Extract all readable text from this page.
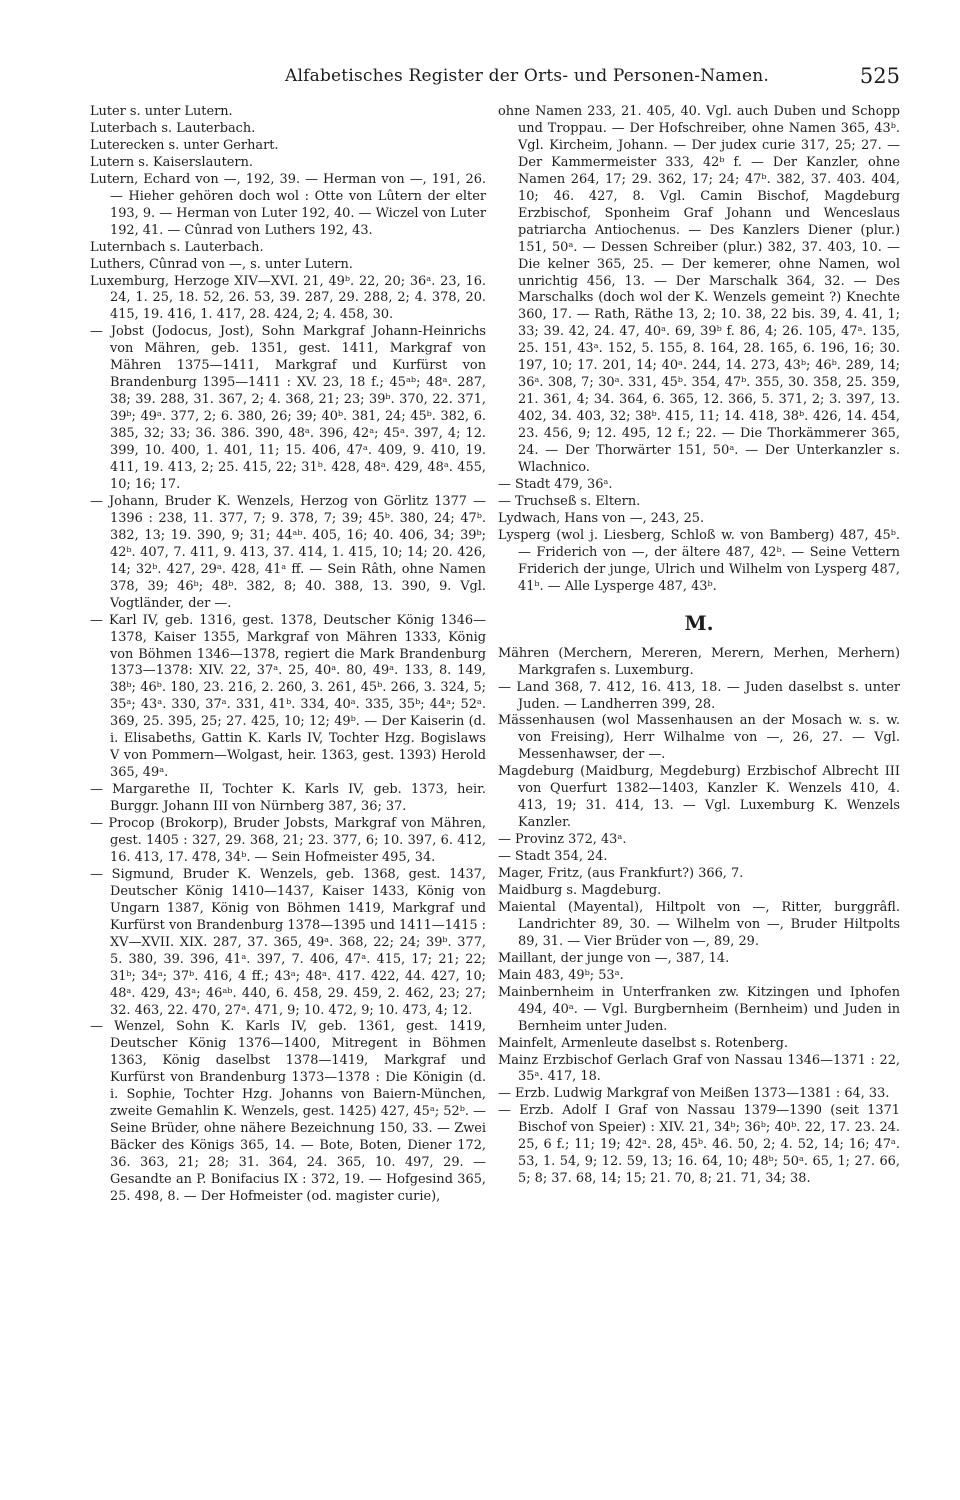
Alfabetisches Register der Orts- und Personen-Namen.	525
Luter s. unter Lutern.
Luterbach s. Lauterbach.
Luterecken s. unter Gerhart.
Lutern s. Kaiserslautern.
Lutern, Echard von —, 192, 39. — Herman von —, 191, 26. — Hieher gehören doch wol : Otte von Lûtern der elter 193, 9. — Herman von Luter 192, 40. — Wiczel von Luter 192, 41. — Cûnrad von Luthers 192, 43.
Luternbach s. Lauterbach.
Luthers, Cûnrad von —, s. unter Lutern.
Luxemburg, Herzoge XIV—XVI. 21, 49ᵇ. 22, 20; 36ᵃ. 23, 16. 24, 1. 25, 18. 52, 26. 53, 39. 287, 29. 288, 2; 4. 378, 20. 415, 19. 416, 1. 417, 28. 424, 2; 4. 458, 30.
— Jobst (Jodocus, Jost), Sohn Markgraf Johann-Heinrichs von Mähren, geb. 1351, gest. 1411, Markgraf von Mähren 1375—1411, Markgraf und Kurfürst von Brandenburg 1395—1411 : XV. 23, 18 f.; 45ᵃᵇ; 48ᵃ. 287, 38; 39. 288, 31. 367, 2; 4. 368, 21; 23; 39ᵇ. 370, 22. 371, 39ᵇ; 49ᵃ. 377, 2; 6. 380, 26; 39; 40ᵇ. 381, 24; 45ᵇ. 382, 6. 385, 32; 33; 36. 386. 390, 48ᵃ. 396, 42ᵃ; 45ᵃ. 397, 4; 12. 399, 10. 400, 1. 401, 11; 15. 406, 47ᵃ. 409, 9. 410, 19. 411, 19. 413, 2; 25. 415, 22; 31ᵇ. 428, 48ᵃ. 429, 48ᵃ. 455, 10; 16; 17.
— Johann, Bruder K. Wenzels, Herzog von Görlitz 1377 — 1396 : 238, 11. 377, 7; 9. 378, 7; 39; 45ᵇ. 380, 24; 47ᵇ. 382, 13; 19. 390, 9; 31; 44ᵃᵇ. 405, 16; 40. 406, 34; 39ᵇ; 42ᵇ. 407, 7. 411, 9. 413, 37. 414, 1. 415, 10; 14; 20. 426, 14; 32ᵇ. 427, 29ᵃ. 428, 41ᵃ ff. — Sein Râth, ohne Namen 378, 39; 46ᵇ; 48ᵇ. 382, 8; 40. 388, 13. 390, 9. Vgl. Vogtländer, der —.
— Karl IV, geb. 1316, gest. 1378, Deutscher König 1346—1378, Kaiser 1355, Markgraf von Mähren 1333, König von Böhmen 1346—1378, regiert die Mark Brandenburg 1373—1378: XIV. 22, 37ᵃ. 25, 40ᵃ. 80, 49ᵃ. 133, 8. 149, 38ᵇ; 46ᵇ. 180, 23. 216, 2. 260, 3. 261, 45ᵇ. 266, 3. 324, 5; 35ᵃ; 43ᵃ. 330, 37ᵃ. 331, 41ᵇ. 334, 40ᵃ. 335, 35ᵇ; 44ᵃ; 52ᵃ. 369, 25. 395, 25; 27. 425, 10; 12; 49ᵇ. — Der Kaiserin (d. i. Elisabeths, Gattin K. Karls IV, Tochter Hzg. Bogislaws V von Pommern—Wolgast, heir. 1363, gest. 1393) Herold 365, 49ᵃ.
— Margarethe II, Tochter K. Karls IV, geb. 1373, heir. Burggr. Johann III von Nürnberg 387, 36; 37.
— Procop (Brokorp), Bruder Jobsts, Markgraf von Mähren, gest. 1405 : 327, 29. 368, 21; 23. 377, 6; 10. 397, 6. 412, 16. 413, 17. 478, 34ᵇ. — Sein Hofmeister 495, 34.
— Sigmund, Bruder K. Wenzels, geb. 1368, gest. 1437, Deutscher König 1410—1437, Kaiser 1433, König von Ungarn 1387, König von Böhmen 1419, Markgraf und Kurfürst von Brandenburg 1378—1395 und 1411—1415 : XV—XVII. XIX. 287, 37. 365, 49ᵃ. 368, 22; 24; 39ᵇ. 377, 5. 380, 39. 396, 41ᵃ. 397, 7. 406, 47ᵃ. 415, 17; 21; 22; 31ᵇ; 34ᵃ; 37ᵇ. 416, 4 ff.; 43ᵃ; 48ᵃ. 417. 422, 44. 427, 10; 48ᵃ. 429, 43ᵃ; 46ᵃᵇ. 440, 6. 458, 29. 459, 2. 462, 23; 27; 32. 463, 22. 470, 27ᵃ. 471, 9; 10. 472, 9; 10. 473, 4; 12.
— Wenzel, Sohn K. Karls IV, geb. 1361, gest. 1419, Deutscher König 1376—1400, Mitregent in Böhmen 1363, König daselbst 1378—1419, Markgraf und Kurfürst von Brandenburg 1373—1378 : Die Königin (d. i. Sophie, Tochter Hzg. Johanns von Baiern-München, zweite Gemahlin K. Wenzels, gest. 1425) 427, 45ᵃ; 52ᵇ. — Seine Brüder, ohne nähere Bezeichnung 150, 33. — Zwei Bäcker des Königs 365, 14. — Bote, Boten, Diener 172, 36. 363, 21; 28; 31. 364, 24. 365, 10. 497, 29. — Gesandte an P. Bonifacius IX : 372, 19. — Hofgesind 365, 25. 498, 8. — Der Hofmeister (od. magister curie),
ohne Namen 233, 21. 405, 40. Vgl. auch Duben und Schopp und Troppau. — Der Hofschreiber, ohne Namen 365, 43ᵇ. Vgl. Kircheim, Johann. — Der judex curie 317, 25; 27. — Der Kammermeister 333, 42ᵇ f. — Der Kanzler, ohne Namen 264, 17; 29. 362, 17; 24; 47ᵇ. 382, 37. 403. 404, 10; 46. 427, 8. Vgl. Camin Bischof, Magdeburg Erzbischof, Sponheim Graf Johann und Wenceslaus patriarcha Antiochenus. — Des Kanzlers Diener (plur.) 151, 50ᵃ. — Dessen Schreiber (plur.) 382, 37. 403, 10. — Die kelner 365, 25. — Der kemerer, ohne Namen, wol unrichtig 456, 13. — Der Marschalk 364, 32. — Des Marschalks (doch wol der K. Wenzels gemeint ?) Knechte 360, 17. — Rath, Räthe 13, 2; 10. 38, 22 bis. 39, 4. 41, 1; 33; 39. 42, 24. 47, 40ᵃ. 69, 39ᵇ f. 86, 4; 26. 105, 47ᵃ. 135, 25. 151, 43ᵃ. 152, 5. 155, 8. 164, 28. 165, 6. 196, 16; 30. 197, 10; 17. 201, 14; 40ᵃ. 244, 14. 273, 43ᵇ; 46ᵇ. 289, 14; 36ᵃ. 308, 7; 30ᵃ. 331, 45ᵇ. 354, 47ᵇ. 355, 30. 358, 25. 359, 21. 361, 4; 34. 364, 6. 365, 12. 366, 5. 371, 2; 3. 397, 13. 402, 34. 403, 32; 38ᵇ. 415, 11; 14. 418, 38ᵇ. 426, 14. 454, 23. 456, 9; 12. 495, 12 f.; 22. — Die Thorkämmerer 365, 24. — Der Thorwärter 151, 50ᵃ. — Der Unterkanzler s. Wlachnico.
— Stadt 479, 36ᵃ.
— Truchseß s. Eltern.
Lydwach, Hans von —, 243, 25.
Lysperg (wol j. Liesberg, Schloß w. von Bamberg) 487, 45ᵇ. — Friderich von —, der ältere 487, 42ᵇ. — Seine Vettern Friderich der junge, Ulrich und Wilhelm von Lysperg 487, 41ᵇ. — Alle Lysperge 487, 43ᵇ.
M.
Mähren (Merchern, Mereren, Merern, Merhen, Merhern) Markgrafen s. Luxemburg.
— Land 368, 7. 412, 16. 413, 18. — Juden daselbst s. unter Juden. — Landherren 399, 28.
Mässenhausen (wol Massenhausen an der Mosach w. s. w. von Freising), Herr Wilhalme von —, 26, 27. — Vgl. Messenhawser, der —.
Magdeburg (Maidburg, Megdeburg) Erzbischof Albrecht III von Querfurt 1382—1403, Kanzler K. Wenzels 410, 4. 413, 19; 31. 414, 13. — Vgl. Luxemburg K. Wenzels Kanzler.
— Provinz 372, 43ᵃ.
— Stadt 354, 24.
Mager, Fritz, (aus Frankfurt?) 366, 7.
Maidburg s. Magdeburg.
Maiental (Mayental), Hiltpolt von —, Ritter, burggrâfl. Landrichter 89, 30. — Wilhelm von —, Bruder Hiltpolts 89, 31. — Vier Brüder von —, 89, 29.
Maillant, der junge von —, 387, 14.
Main 483, 49ᵇ; 53ᵃ.
Mainbernheim in Unterfranken zw. Kitzingen und Iphofen 494, 40ᵃ. — Vgl. Burgbernheim (Bernheim) und Juden in Bernheim unter Juden.
Mainfelt, Armenleute daselbst s. Rotenberg.
Mainz Erzbischof Gerlach Graf von Nassau 1346—1371 : 22, 35ᵃ. 417, 18.
— Erzb. Ludwig Markgraf von Meißen 1373—1381 : 64, 33.
— Erzb. Adolf I Graf von Nassau 1379—1390 (seit 1371 Bischof von Speier) : XIV. 21, 34ᵇ; 36ᵇ; 40ᵇ. 22, 17. 23. 24. 25, 6 f.; 11; 19; 42ᵃ. 28, 45ᵇ. 46. 50, 2; 4. 52, 14; 16; 47ᵃ. 53, 1. 54, 9; 12. 59, 13; 16. 64, 10; 48ᵇ; 50ᵃ. 65, 1; 27. 66, 5; 8; 37. 68, 14; 15; 21. 70, 8; 21. 71, 34; 38.
